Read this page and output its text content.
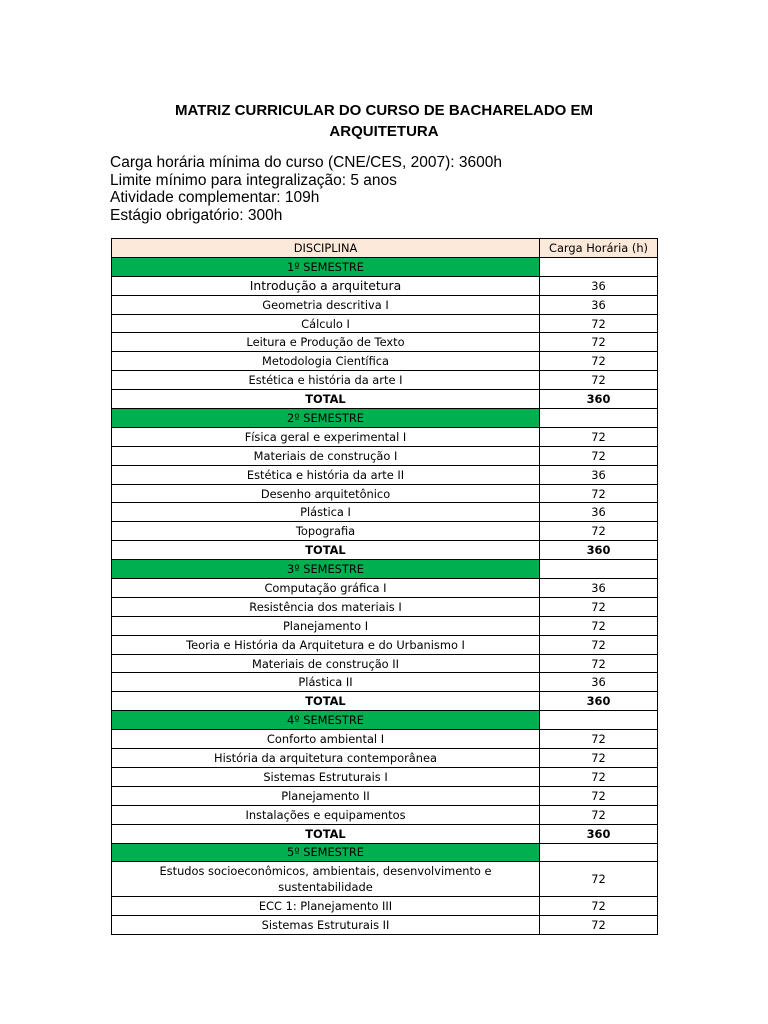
MATRIZ CURRICULAR DO CURSO DE BACHARELADO EM
ARQUITETURA
Carga horária mínima do curso (CNE/CES, 2007): 3600h
Limite mínimo para integralização: 5 anos
Atividade complementar: 109h
Estágio obrigatório: 300h
DISCIPLINA	Carga Horária (h)
1º SEMESTRE	
Introdução a arquitetura	36
Geometria descritiva I	36
Cálculo I	72
Leitura e Produção de Texto	72
Metodologia Científica	72
Estética e história da arte I	72
TOTAL	360
2º SEMESTRE	
Física geral e experimental I	72
Materiais de construção I	72
Estética e história da arte II	36
Desenho arquitetônico	72
Plástica I	36
Topografia	72
TOTAL	360
3º SEMESTRE	
Computação gráfica I	36
Resistência dos materiais I	72
Planejamento I	72
Teoria e História da Arquitetura e do Urbanismo I	72
Materiais de construção II	72
Plástica II	36
TOTAL	360
4º SEMESTRE	
Conforto ambiental I	72
História da arquitetura contemporânea	72
Sistemas Estruturais I	72
Planejamento II	72
Instalações e equipamentos	72
TOTAL	360
5º SEMESTRE	
Estudos socioeconômicos, ambientais, desenvolvimento e sustentabilidade	72
ECC 1: Planejamento III	72
Sistemas Estruturais II	72
